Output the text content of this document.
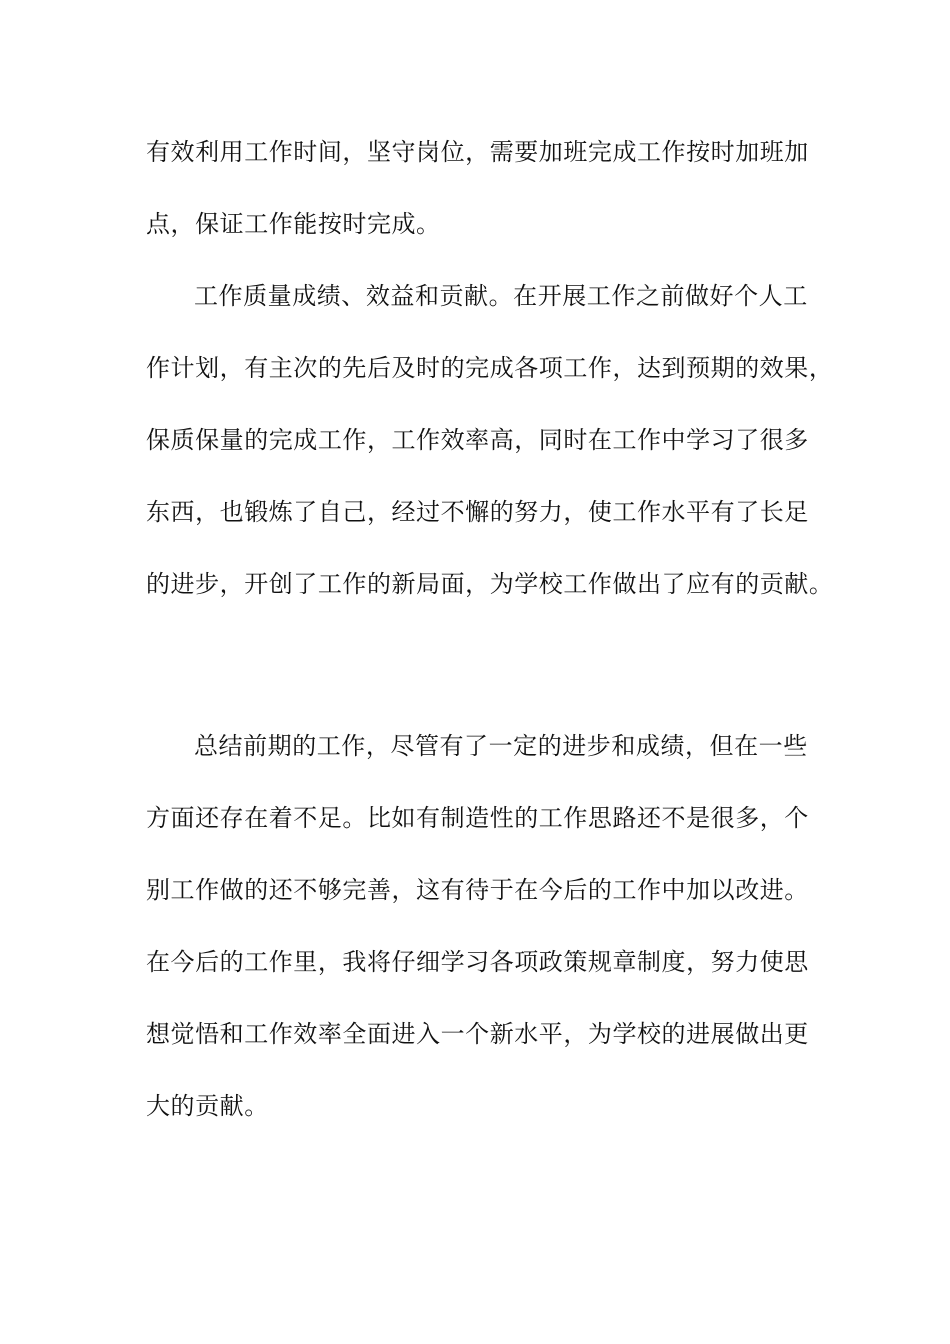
有效利用工作时间，坚守岗位，需要加班完成工作按时加班加
点，保证工作能按时完成。
工作质量成绩、效益和贡献。在开展工作之前做好个人工
作计划，有主次的先后及时的完成各项工作，达到预期的效果，
保质保量的完成工作，工作效率高，同时在工作中学习了很多
东西，也锻炼了自己，经过不懈的努力，使工作水平有了长足
的进步，开创了工作的新局面，为学校工作做出了应有的贡献。
总结前期的工作，尽管有了一定的进步和成绩，但在一些
方面还存在着不足。比如有制造性的工作思路还不是很多，个
别工作做的还不够完善，这有待于在今后的工作中加以改进。
在今后的工作里，我将仔细学习各项政策规章制度，努力使思
想觉悟和工作效率全面进入一个新水平，为学校的进展做出更
大的贡献。
